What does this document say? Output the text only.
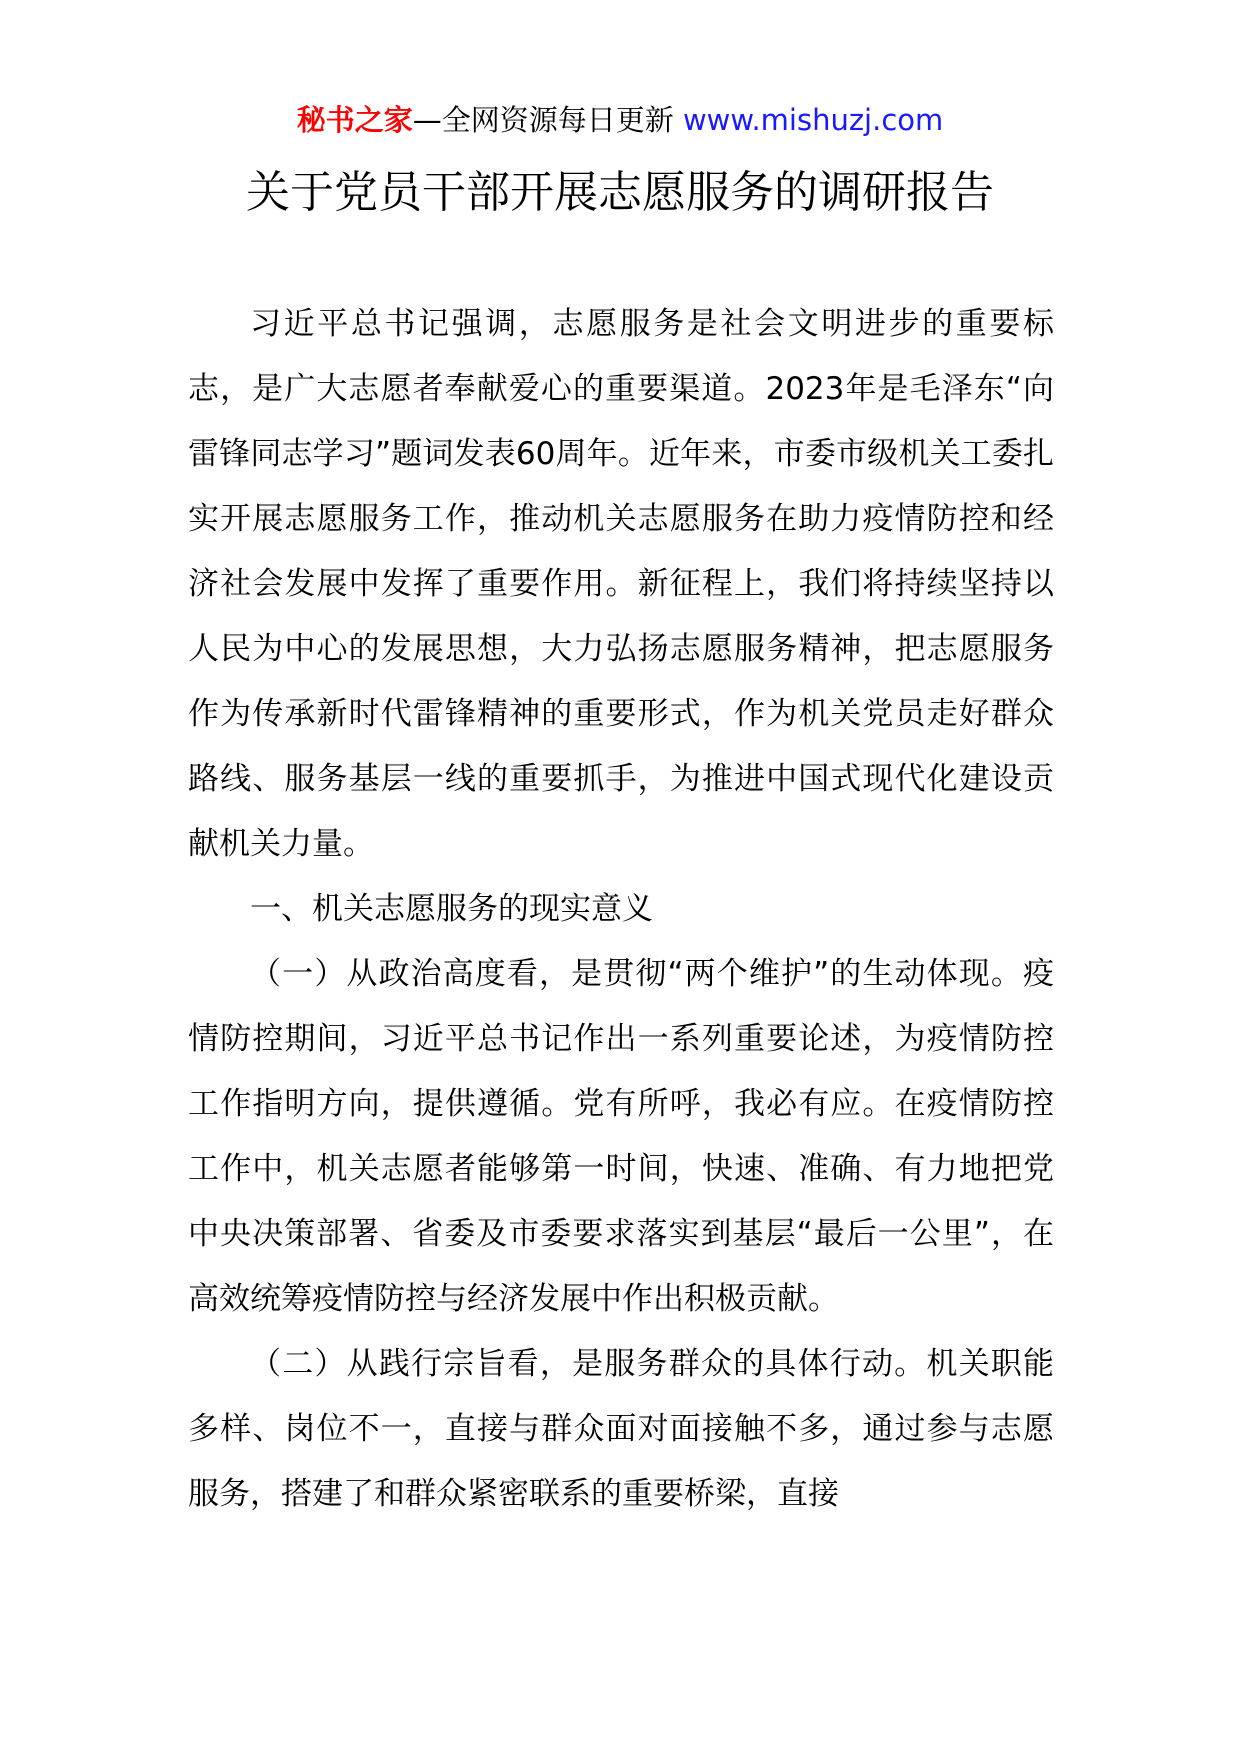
秘书之家—全网资源每日更新 www.mishuzj.com
关于党员干部开展志愿服务的调研报告

习近平总书记强调，志愿服务是社会文明进步的重要标志，是广大志愿者奉献爱心的重要渠道。2023年是毛泽东“向雷锋同志学习”题词发表60周年。近年来，市委市级机关工委扎实开展志愿服务工作，推动机关志愿服务在助力疫情防控和经济社会发展中发挥了重要作用。新征程上，我们将持续坚持以人民为中心的发展思想，大力弘扬志愿服务精神，把志愿服务作为传承新时代雷锋精神的重要形式，作为机关党员走好群众路线、服务基层一线的重要抓手，为推进中国式现代化建设贡献机关力量。

一、机关志愿服务的现实意义

（一）从政治高度看，是贯彻“两个维护”的生动体现。疫情防控期间，习近平总书记作出一系列重要论述，为疫情防控工作指明方向，提供遵循。党有所呼，我必有应。在疫情防控工作中，机关志愿者能够第一时间，快速、准确、有力地把党中央决策部署、省委及市委要求落实到基层“最后一公里”，在高效统筹疫情防控与经济发展中作出积极贡献。

（二）从践行宗旨看，是服务群众的具体行动。机关职能多样、岗位不一，直接与群众面对面接触不多，通过参与志愿服务，搭建了和群众紧密联系的重要桥梁，直接
